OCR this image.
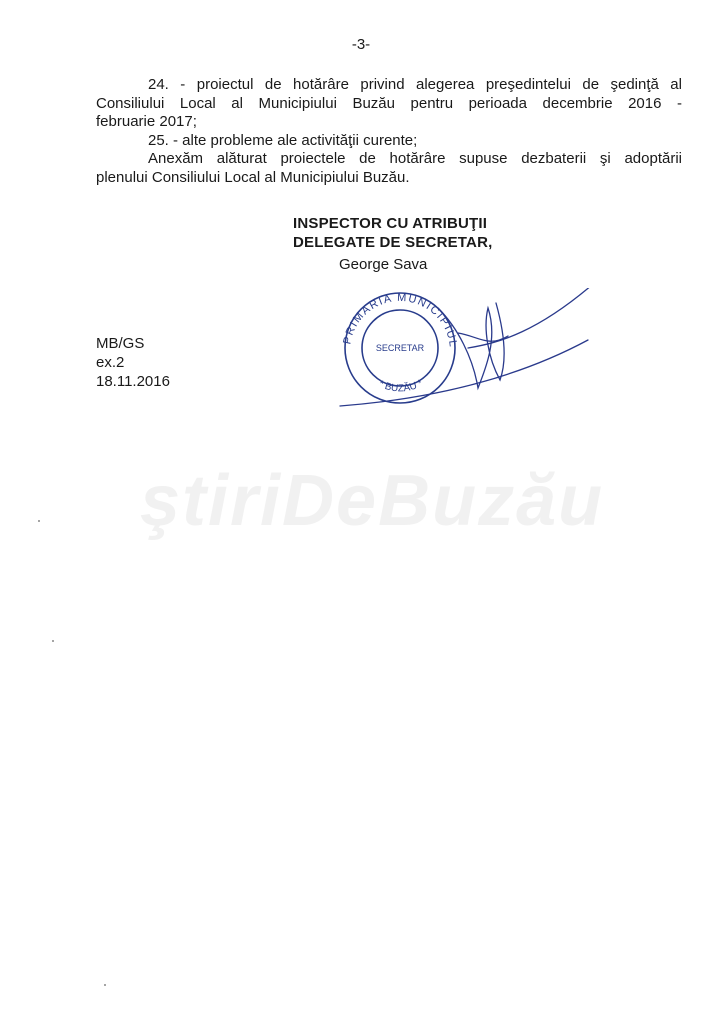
-3-

24. - proiectul de hotărâre privind alegerea preşedintelui de şedinţă al

Consiliului Local al Municipiului Buzău pentru perioada decembrie 2016 -

februarie 2017;

25. - alte probleme ale activităţii curente;

Anexăm alăturat proiectele de hotărâre supuse dezbaterii şi adoptării

plenului Consiliului Local al Municipiului Buzău.

INSPECTOR CU ATRIBUŢII
DELEGATE DE SECRETAR,
George Sava
MB/GS
ex.2
18.11.2016
PRIMARIA MUNICIPIUL
* BUZĂU *
SECRETAR
ştiriDeBuzău
